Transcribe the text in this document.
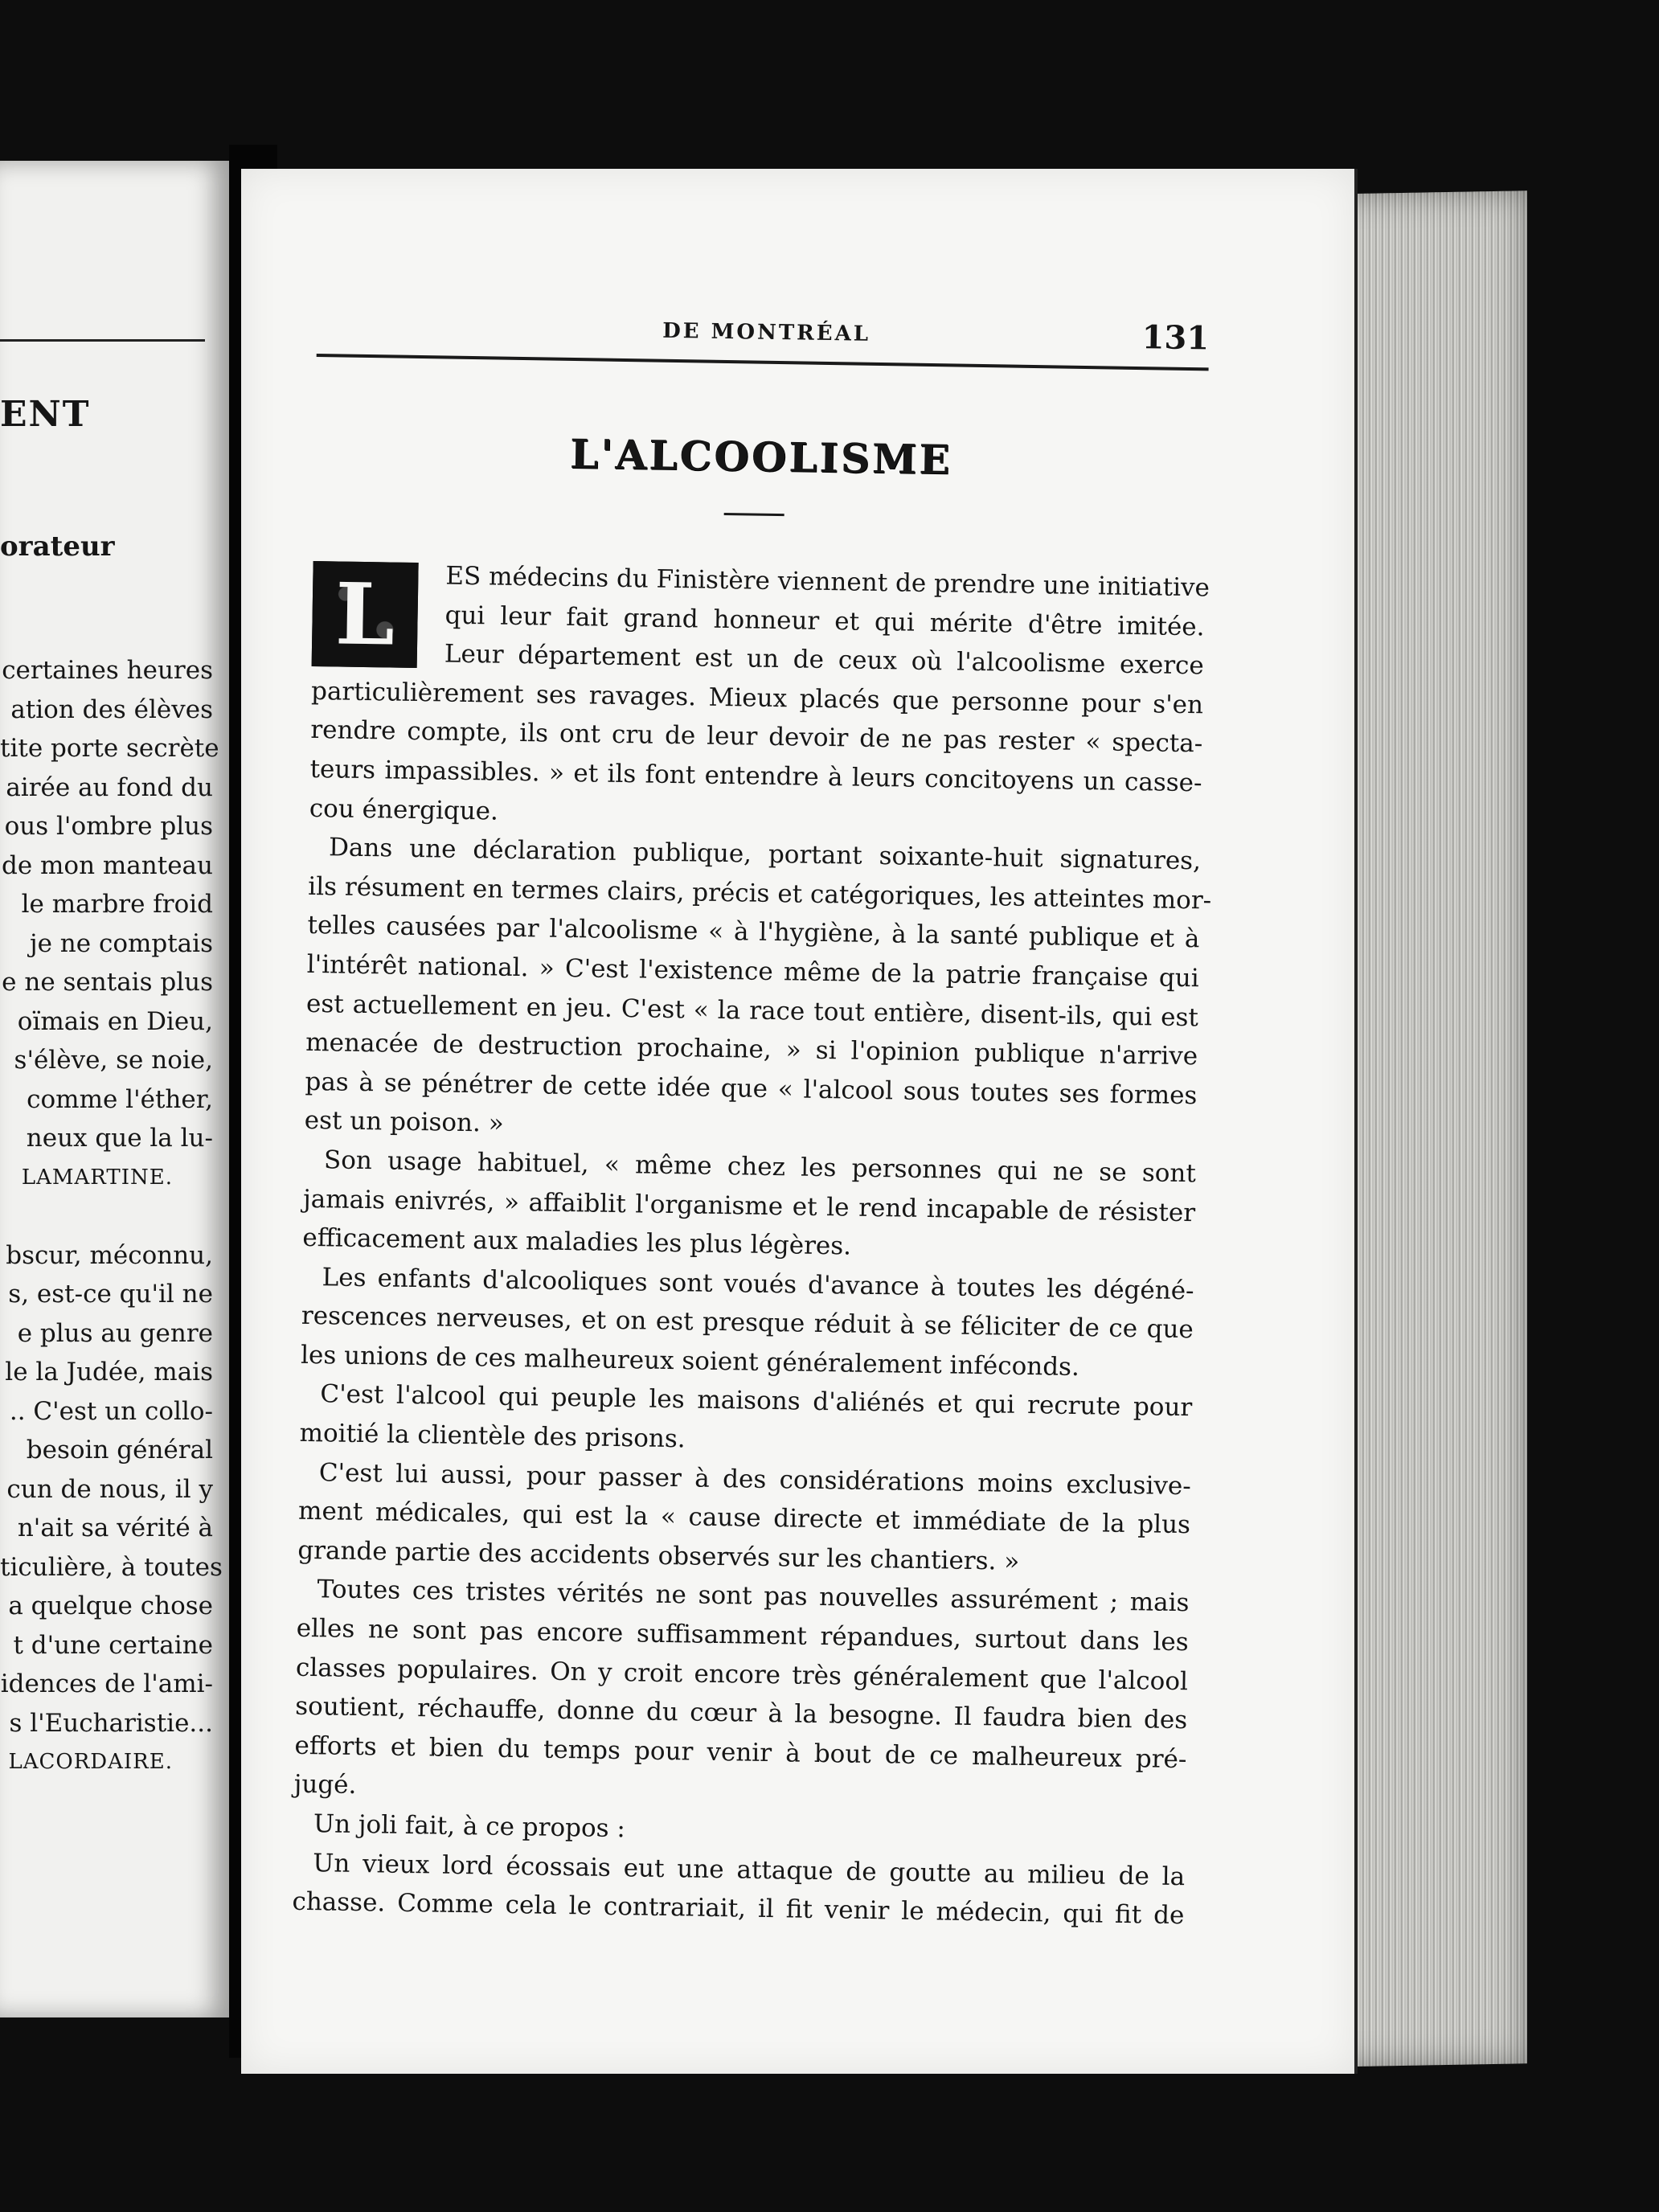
ENT
orateur
certaines heures
ation des élèves
tite porte secrète
airée au fond du
ous l'ombre plus
de mon manteau
le marbre froid
je ne comptais
e ne sentais plus
oïmais en Dieu,
s'élève, se noie,
comme l'éther,
neux que la lu-
LAMARTINE.

bscur, méconnu,
s, est-ce qu'il ne
e plus au genre
le la Judée, mais
.. C'est un collo-
besoin général
cun de nous, il y
n'ait sa vérité à
ticulière, à toutes
a quelque chose
t d'une certaine
idences de l'ami-
s l'Eucharistie...
LACORDAIRE.
DE MONTRÉAL	131
L'ALCOOLISME
L	ES médecins du Finistère viennent de prendre une initiative
qui leur fait grand honneur et qui mérite d'être imitée.
Leur département est un de ceux où l'alcoolisme exerce
particulièrement ses ravages. Mieux placés que personne pour s'en
rendre compte, ils ont cru de leur devoir de ne pas rester « specta-
teurs impassibles. » et ils font entendre à leurs concitoyens un casse-
cou énergique.
Dans une déclaration publique, portant soixante-huit signatures,
ils résument en termes clairs, précis et catégoriques, les atteintes mor-
telles causées par l'alcoolisme « à l'hygiène, à la santé publique et à
l'intérêt national. » C'est l'existence même de la patrie française qui
est actuellement en jeu. C'est « la race tout entière, disent-ils, qui est
menacée de destruction prochaine, » si l'opinion publique n'arrive
pas à se pénétrer de cette idée que « l'alcool sous toutes ses formes
est un poison. »
Son usage habituel, « même chez les personnes qui ne se sont
jamais enivrés, » affaiblit l'organisme et le rend incapable de résister
efficacement aux maladies les plus légères.
Les enfants d'alcooliques sont voués d'avance à toutes les dégéné-
rescences nerveuses, et on est presque réduit à se féliciter de ce que
les unions de ces malheureux soient généralement inféconds.
C'est l'alcool qui peuple les maisons d'aliénés et qui recrute pour
moitié la clientèle des prisons.
C'est lui aussi, pour passer à des considérations moins exclusive-
ment médicales, qui est la « cause directe et immédiate de la plus
grande partie des accidents observés sur les chantiers. »
Toutes ces tristes vérités ne sont pas nouvelles assurément ; mais
elles ne sont pas encore suffisamment répandues, surtout dans les
classes populaires. On y croit encore très généralement que l'alcool
soutient, réchauffe, donne du cœur à la besogne. Il faudra bien des
efforts et bien du temps pour venir à bout de ce malheureux pré-
jugé.
Un joli fait, à ce propos :
Un vieux lord écossais eut une attaque de goutte au milieu de la
chasse. Comme cela le contrariait, il fit venir le médecin, qui fit de
